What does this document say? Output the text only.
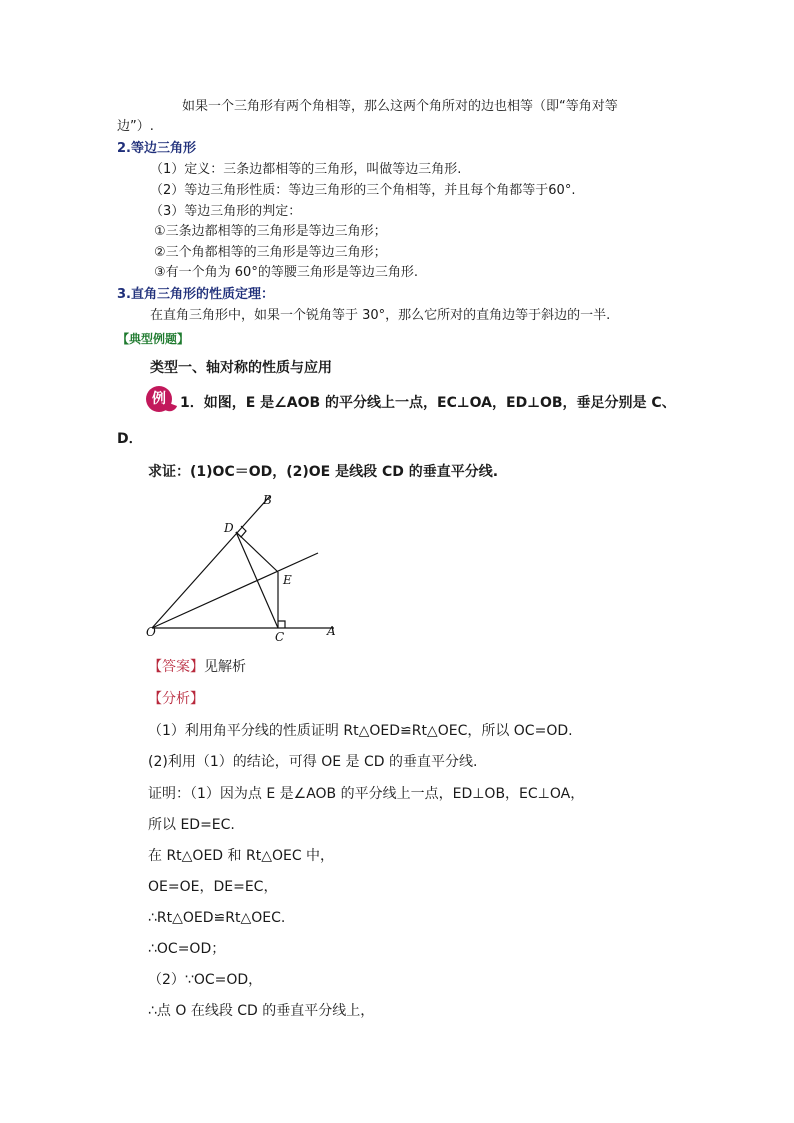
如果一个三角形有两个角相等，那么这两个角所对的边也相等（即“等角对等
边”）.
2.等边三角形
（1）定义：三条边都相等的三角形，叫做等边三角形.
（2）等边三角形性质：等边三角形的三个角相等，并且每个角都等于60°.
（3）等边三角形的判定：
①三条边都相等的三角形是等边三角形；
②三个角都相等的三角形是等边三角形；
③有一个角为 60°的等腰三角形是等边三角形.
3.直角三角形的性质定理：
在直角三角形中，如果一个锐角等于 30°，那么它所对的直角边等于斜边的一半.
【典型例题】
类型一、轴对称的性质与应用
例	1．如图，E 是∠AOB 的平分线上一点，EC⊥OA，ED⊥OB，垂足分别是 C、
D．
求证：(1)OC＝OD，(2)OE 是线段 CD 的垂直平分线.
B
D
E
O	C	A
【答案】见解析
【分析】
（1）利用角平分线的性质证明 Rt△OED≌Rt△OEC，所以 OC=OD.
(2)利用（1）的结论，可得 OE 是 CD 的垂直平分线.
证明：（1）因为点 E 是∠AOB 的平分线上一点，ED⊥OB，EC⊥OA，
所以 ED=EC.
在 Rt△OED 和 Rt△OEC 中，
OE=OE，DE=EC，
∴Rt△OED≌Rt△OEC.
∴OC=OD；
（2）∵OC=OD，
∴点 O 在线段 CD 的垂直平分线上，
